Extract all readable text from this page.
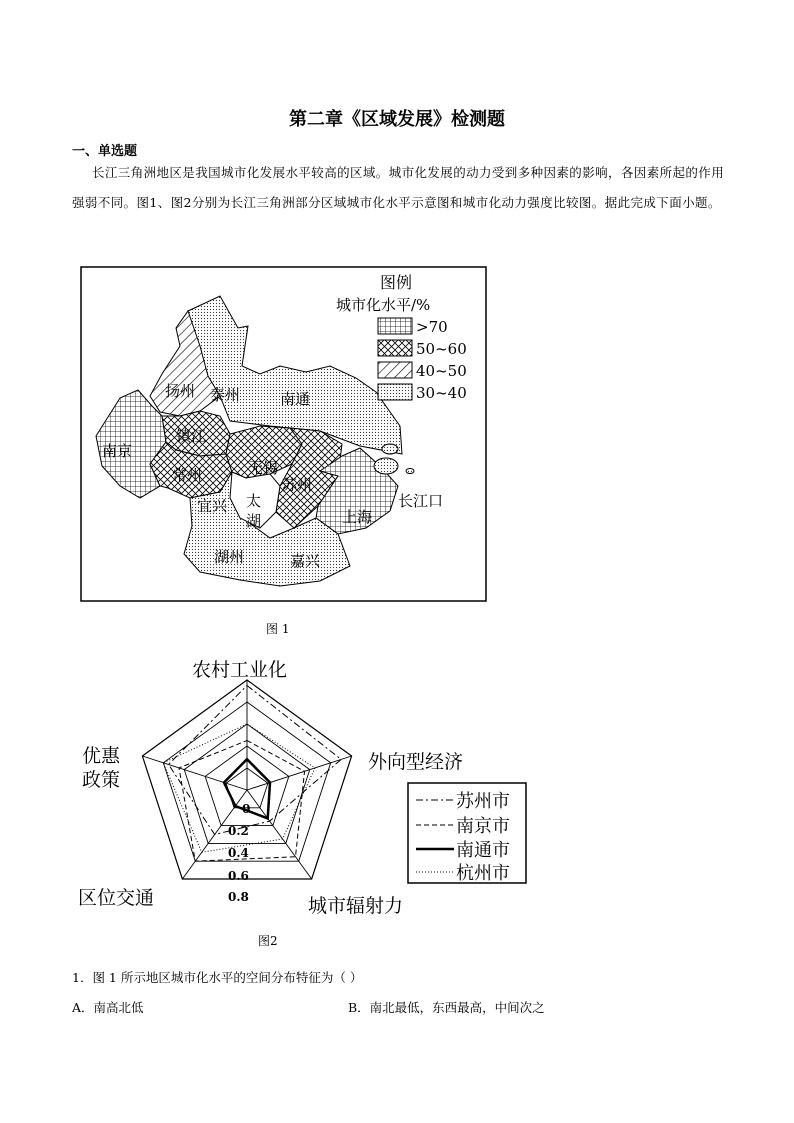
第二章《区域发展》检测题
一、单选题
长江三角洲地区是我国城市化发展水平较高的区域。城市化发展的动力受到多种因素的影响，各因素所起的作用强弱不同。图1、图2分别为长江三角洲部分区域城市化水平示意图和城市化动力强度比较图。据此完成下面小题。
扬州 泰州	南通
南京
镇江
常州	无锡
苏州
宜兴 太
湖	上海
长江口
湖州	嘉兴
图例
城市化水平/%
>70
50~60
40~50
30~40
图 1
农村工业化
外向型经济
城市辐射力
区位交通
优惠
政策
0
0.2
0.4
0.6
0.8
苏州市
南京市
南通市
杭州市
图2
1．图 1 所示地区城市化水平的空间分布特征为（ ）
A．南高北低	B．南北最低，东西最高，中间次之
